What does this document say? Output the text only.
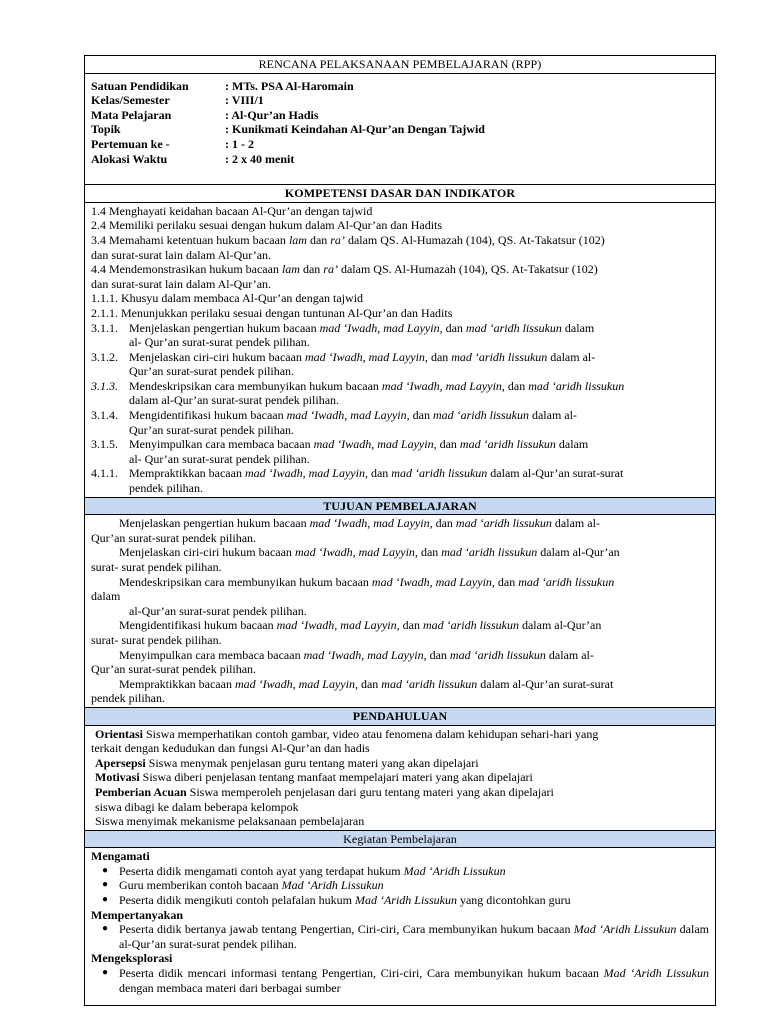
RENCANA PELAKSANAAN PEMBELAJARAN (RPP)
Satuan Pendidikan	: MTs. PSA Al-Haromain
Kelas/Semester	: VIII/1
Mata Pelajaran	: Al-Qur’an Hadis
Topik	: Kunikmati Keindahan Al-Qur’an Dengan Tajwid
Pertemuan ke -	: 1 - 2
Alokasi Waktu	: 2 x 40 menit
KOMPETENSI DASAR DAN INDIKATOR

1.4 Menghayati keidahan bacaan Al-Qur’an dengan tajwid

2.4 Memiliki perilaku sesuai dengan hukum dalam Al-Qur’an dan Hadits

3.4 Memahami ketentuan hukum bacaan lam dan ra’ dalam QS. Al-Humazah (104), QS. At-Takatsur (102)

dan surat-surat lain dalam Al-Qur’an.

4.4 Mendemonstrasikan hukum bacaan lam dan ra’ dalam QS. Al-Humazah (104), QS. At-Takatsur (102)

dan surat-surat lain dalam Al-Qur’an.

1.1.1. Khusyu dalam membaca Al-Qur’an dengan tajwid

2.1.1. Menunjukkan perilaku sesuai dengan tuntunan Al-Qur’an dan Hadits

3.1.1. Menjelaskan pengertian hukum bacaan mad ‘Iwadh, mad Layyin, dan mad ‘aridh lissukun dalam

al- Qur’an surat-surat pendek pilihan.

3.1.2. Menjelaskan ciri-ciri hukum bacaan mad ‘Iwadh, mad Layyin, dan mad ‘aridh lissukun dalam al-

Qur’an surat-surat pendek pilihan.

3.1.3. Mendeskripsikan cara membunyikan hukum bacaan mad ‘Iwadh, mad Layyin, dan mad ‘aridh lissukun

dalam al-Qur’an surat-surat pendek pilihan.

3.1.4. Mengidentifikasi hukum bacaan mad ‘Iwadh, mad Layyin, dan mad ‘aridh lissukun dalam al-

Qur’an surat-surat pendek pilihan.

3.1.5. Menyimpulkan cara membaca bacaan mad ‘Iwadh, mad Layyin, dan mad ‘aridh lissukun dalam

al- Qur’an surat-surat pendek pilihan.

4.1.1. Mempraktikkan bacaan mad ‘Iwadh, mad Layyin, dan mad ‘aridh lissukun dalam al-Qur’an surat-surat

pendek pilihan.

TUJUAN PEMBELAJARAN

Menjelaskan pengertian hukum bacaan mad ‘Iwadh, mad Layyin, dan mad ‘aridh lissukun dalam al-

Qur’an surat-surat pendek pilihan.

Menjelaskan ciri-ciri hukum bacaan mad ‘Iwadh, mad Layyin, dan mad ‘aridh lissukun dalam al-Qur’an

surat- surat pendek pilihan.

Mendeskripsikan cara membunyikan hukum bacaan mad ‘Iwadh, mad Layyin, dan mad ‘aridh lissukun

dalam

al-Qur’an surat-surat pendek pilihan.

Mengidentifikasi hukum bacaan mad ‘Iwadh, mad Layyin, dan mad ‘aridh lissukun dalam al-Qur’an

surat- surat pendek pilihan.

Menyimpulkan cara membaca bacaan mad ‘Iwadh, mad Layyin, dan mad ‘aridh lissukun dalam al-

Qur’an surat-surat pendek pilihan.

Mempraktikkan bacaan mad ‘Iwadh, mad Layyin, dan mad ‘aridh lissukun dalam al-Qur’an surat-surat

pendek pilihan.

PENDAHULUAN

Orientasi Siswa memperhatikan contoh gambar, video atau fenomena dalam kehidupan sehari-hari yang

terkait dengan kedudukan dan fungsi Al-Qur’an dan hadis

Apersepsi Siswa menymak penjelasan guru tentang materi yang akan dipelajari

Motivasi Siswa diberi penjelasan tentang manfaat mempelajari materi yang akan dipelajari

Pemberian Acuan Siswa memperoleh penjelasan dari guru tentang materi yang akan dipelajari

siswa dibagi ke dalam beberapa kelompok

Siswa menyimak mekanisme pelaksanaan pembelajaran

Kegiatan Pembelajaran

Mengamati

● Peserta didik mengamati contoh ayat yang terdapat hukum Mad ‘Aridh Lissukun
● Guru memberikan contoh bacaan Mad ‘Aridh Lissukun
● Peserta didik mengikuti contoh pelafalan hukum Mad ‘Aridh Lissukun yang dicontohkan guru

Mempertanyakan

● Peserta didik bertanya jawab tentang Pengertian, Ciri-ciri, Cara membunyikan hukum bacaan Mad ‘Aridh Lissukun dalam al-Qur’an surat-surat pendek pilihan.

Mengeksplorasi

● Peserta didik mencari informasi tentang Pengertian, Ciri-ciri, Cara membunyikan hukum bacaan Mad ‘Aridh Lissukun dengan membaca materi dari berbagai sumber
